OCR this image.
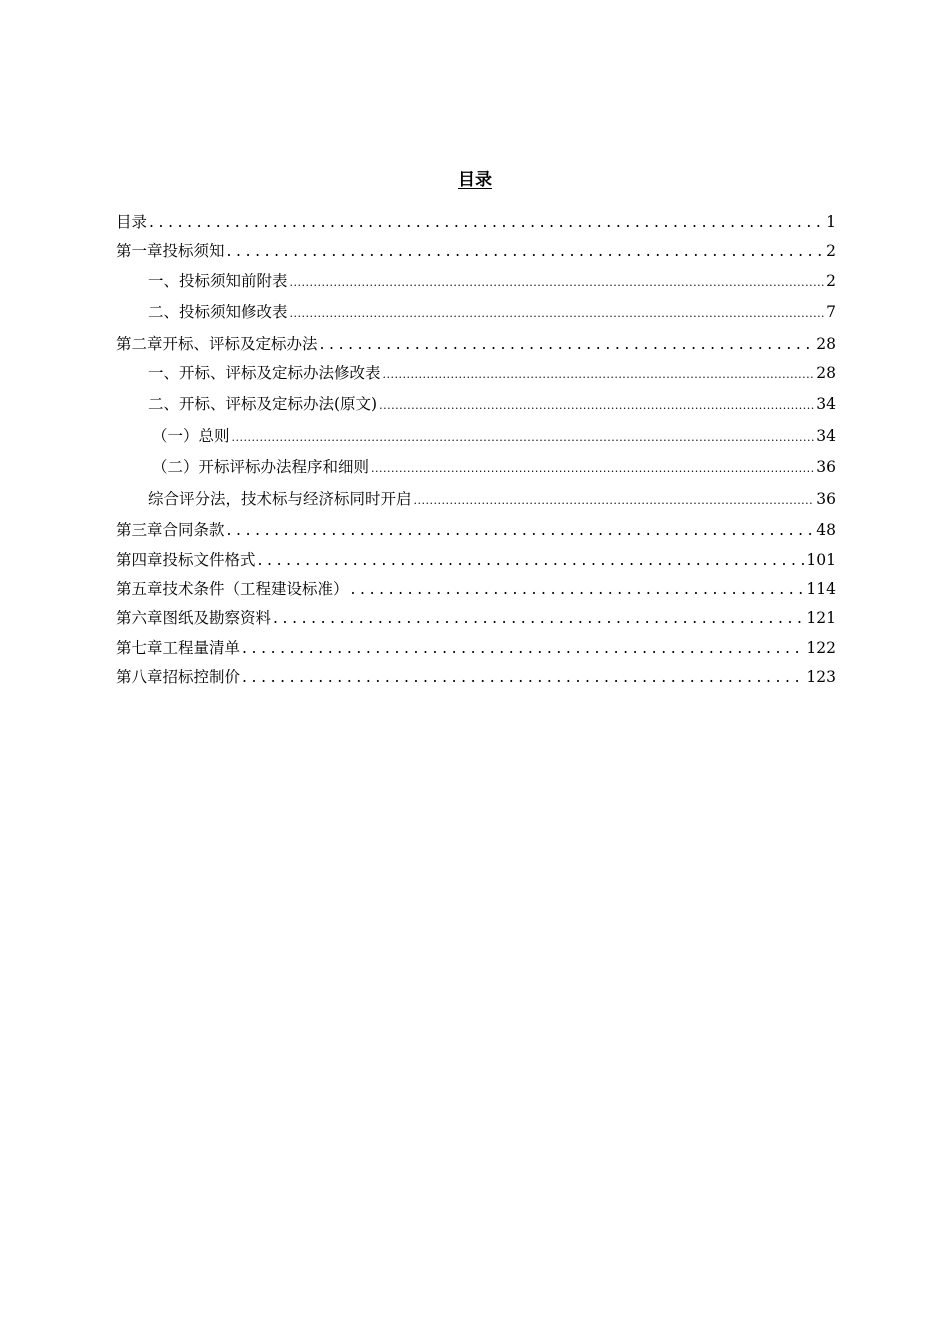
目录
目录 .....	1
第一章投标须知 .....	2
一、投标须知前附表 .....	2
二、投标须知修改表 .....	7
第二章开标、评标及定标办法 .....	28
一、开标、评标及定标办法修改表 .....	28
二、开标、评标及定标办法(原文) .....	34
（一）总则 .....	34
（二）开标评标办法程序和细则 .....	36
综合评分法，技术标与经济标同时开启 .....	36
第三章合同条款 .....	48
第四章投标文件格式 .....	101
第五章技术条件（工程建设标准） .....	114
第六章图纸及勘察资料 .....	121
第七章工程量清单 .....	122
第八章招标控制价 .....	123
